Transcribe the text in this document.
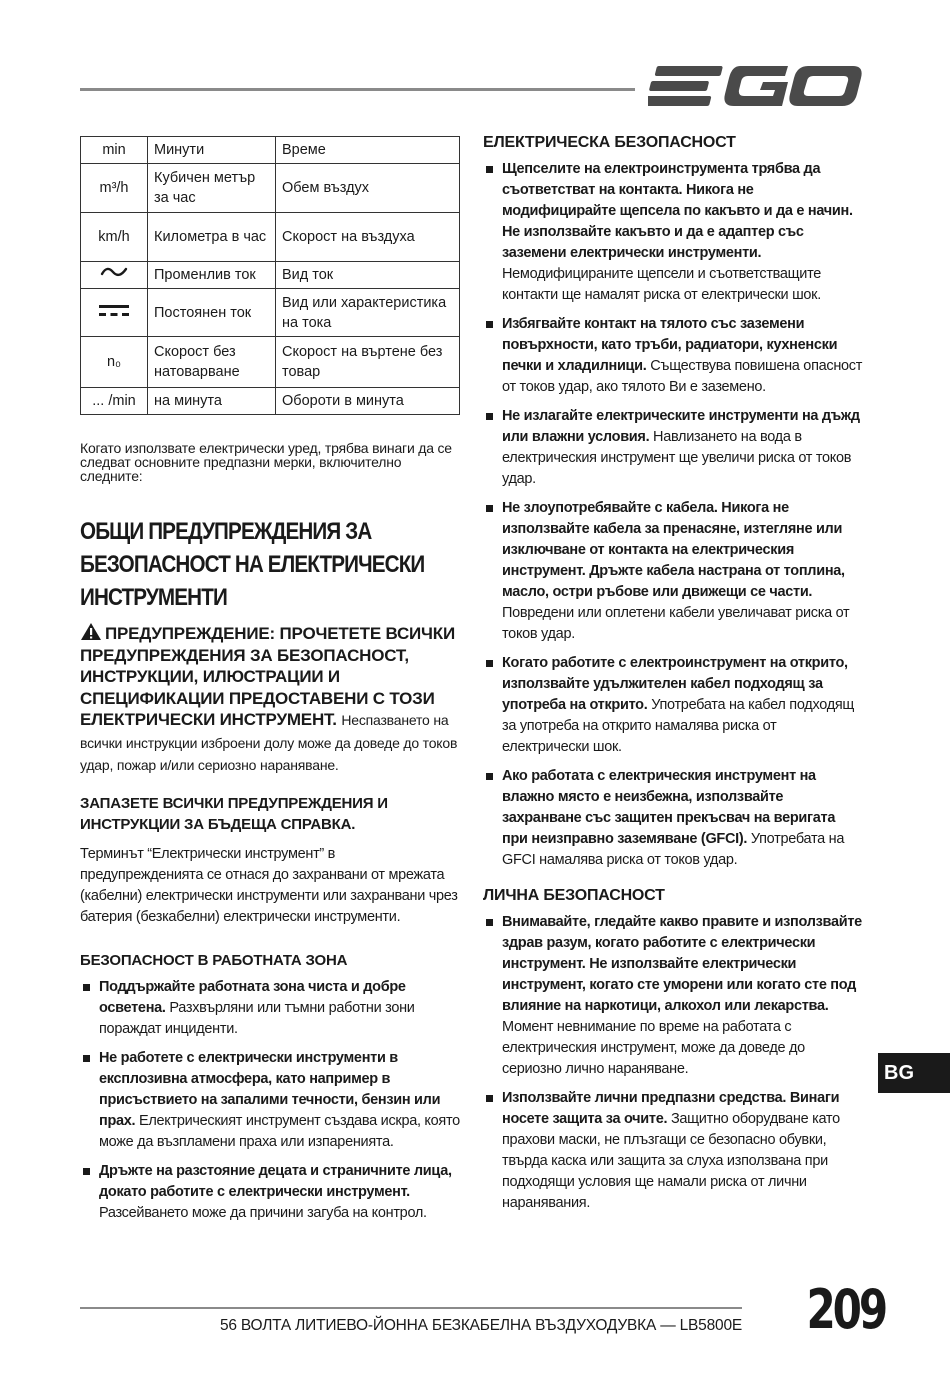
min	Минути	Време
m³/h	Кубичен метър за час	Обем въздух
km/h	Километра в час	Скорост на въздуха
	Променлив ток	Вид ток
	Постоянен ток	Вид или характеристика на тока
n₀	Скорост без натоварване	Скорост на въртене без товар
... /min	на минута	Обороти в минута
Когато използвате електрически уред, трябва винаги да се следват основните предпазни мерки, включително следните:
ОБЩИ ПРЕДУПРЕЖДЕНИЯ ЗА БЕЗОПАСНОСТ НА ЕЛЕКТРИЧЕСКИ ИНСТРУМЕНТИ
ПРЕДУПРЕЖДЕНИЕ: ПРОЧЕТЕТЕ ВСИЧКИ ПРЕДУПРЕЖДЕНИЯ ЗА БЕЗОПАСНОСТ, ИНСТРУКЦИИ, ИЛЮСТРАЦИИ И СПЕЦИФИКАЦИИ ПРЕДОСТАВЕНИ С ТОЗИ ЕЛЕКТРИЧЕСКИ ИНСТРУМЕНТ. Неспазването на всички инструкции изброени долу може да доведе до токов удар, пожар и/или сериозно нараняване.
ЗАПАЗЕТЕ ВСИЧКИ ПРЕДУПРЕЖДЕНИЯ И ИНСТРУКЦИИ ЗА БЪДЕЩА СПРАВКА.
Терминът “Електрически инструмент” в предупрежденията се отнася до захранвани от мрежата (кабелни) електрически инструменти или захранвани чрез батерия (безкабелни) електрически инструменти.
БЕЗОПАСНОСТ В РАБОТНАТА ЗОНА
Поддържайте работната зона чиста и добре осветена. Разхвърляни или тъмни работни зони пораждат инциденти.
Не работете с електрически инструменти в експлозивна атмосфера, като например в присъствието на запалими течности, бензин или прах. Електрическият инструмент създава искра, която може да възпламени праха или изпаренията.
Дръжте на разстояние децата и страничните лица, докато работите с електрически инструмент. Разсейването може да причини загуба на контрол.
ЕЛЕКТРИЧЕСКА БЕЗОПАСНОСТ
Щепселите на електроинструмента трябва да съответстват на контакта. Никога не модифицирайте щепсела по какъвто и да е начин. Не използвайте какъвто и да е адаптер със заземени електрически инструменти. Немодифицираните щепсели и съответстващите контакти ще намалят риска от електрически шок.
Избягвайте контакт на тялото със заземени повърхности, като тръби, радиатори, кухненски печки и хладилници. Съществува повишена опасност от токов удар, ако тялото Ви е заземено.
Не излагайте електрическите инструменти на дъжд или влажни условия. Навлизането на вода в електрическия инструмент ще увеличи риска от токов удар.
Не злоупотребявайте с кабела. Никога не използвайте кабела за пренасяне, изтегляне или изключване от контакта на електрическия инструмент. Дръжте кабела настрана от топлина, масло, остри ръбове или движещи се части. Повредени или оплетени кабели увеличават риска от токов удар.
Когато работите с електроинструмент на открито, използвайте удължителен кабел подходящ за употреба на открито. Употребата на кабел подходящ за употреба на открито намалява риска от електрически шок.
Ако работата с електрическия инструмент на влажно място е неизбежна, използвайте захранване със защитен прекъсвач на веригата при неизправно заземяване (GFCI). Употребата на GFCI намалява риска от токов удар.
ЛИЧНА БЕЗОПАСНОСТ
Внимавайте, гледайте какво правите и използвайте здрав разум, когато работите с електрически инструмент. Не използвайте електрически инструмент, когато сте уморени или когато сте под влияние на наркотици, алкохол или лекарства. Момент невнимание по време на работата с електрическия инструмент, може да доведе до сериозно лично нараняване.
Използвайте лични предпазни средства. Винаги носете защита за очите. Защитно оборудване като прахови маски, не плъзгащи се безопасно обувки, твърда каска или защита за слуха използвана при подходящи условия ще намали риска от лични наранявания.
BG
56 ВОЛТА ЛИТИЕВО-ЙОННА БЕЗКАБЕЛНА ВЪЗДУХОДУВКА — LB5800E 209
